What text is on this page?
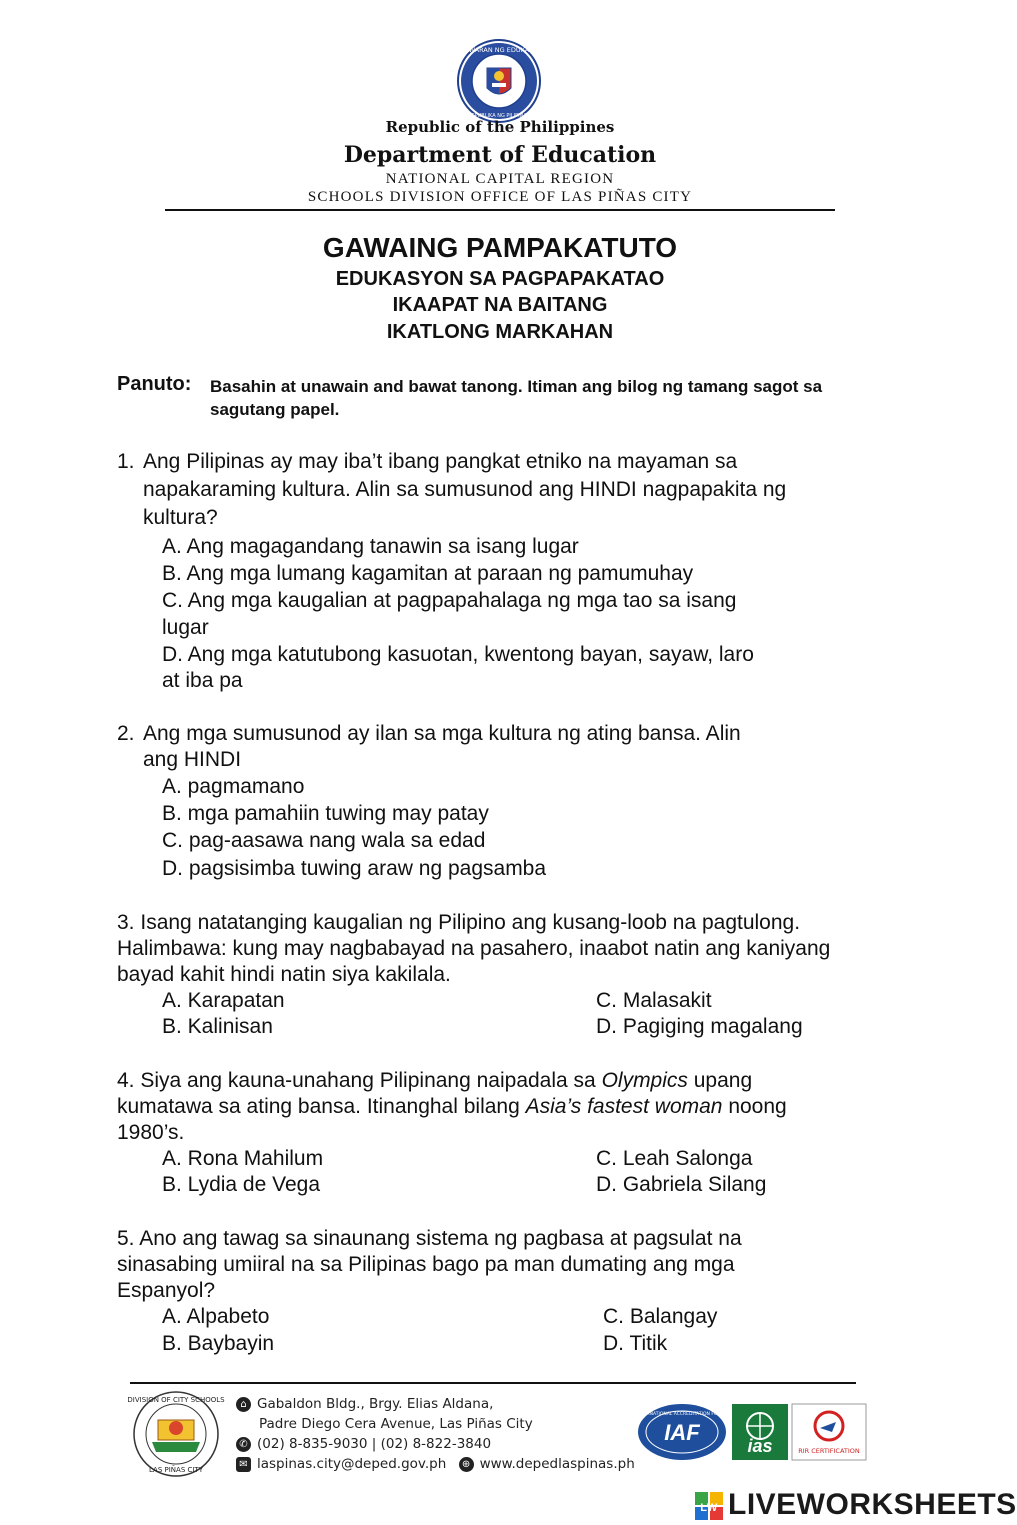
KAGAWARAN NG EDUKASYON
REPUBLIKA NG PILIPINAS
Republic of the Philippines
Department of Education
NATIONAL CAPITAL REGION
SCHOOLS DIVISION OFFICE OF LAS PIÑAS CITY
GAWAING PAMPAKATUTO
EDUKASYON SA PAGPAPAKATAO
IKAAPAT NA BAITANG
IKATLONG MARKAHAN
Panuto: Basahin at unawain and bawat tanong. Itiman ang bilog ng tamang sagot sa sagutang papel.
1. Ang Pilipinas ay may iba’t ibang pangkat etniko na mayaman sa
napakaraming kultura. Alin sa sumusunod ang HINDI nagpapakita ng
kultura?
A. Ang magagandang tanawin sa isang lugar
B. Ang mga lumang kagamitan at paraan ng pamumuhay
C. Ang mga kaugalian at pagpapahalaga ng mga tao sa isang
lugar
D. Ang mga katutubong kasuotan, kwentong bayan, sayaw, laro
at iba pa
2. Ang mga sumusunod ay ilan sa mga kultura ng ating bansa. Alin
ang HINDI
A. pagmamano
B. mga pamahiin tuwing may patay
C. pag-aasawa nang wala sa edad
D. pagsisimba tuwing araw ng pagsamba
3. Isang natatanging kaugalian ng Pilipino ang kusang-loob na pagtulong.
Halimbawa: kung may nagbabayad na pasahero, inaabot natin ang kaniyang
bayad kahit hindi natin siya kakilala.
A. Karapatan
B. Kalinisan
C. Malasakit
D. Pagiging magalang
4. Siya ang kauna-unahang Pilipinang naipadala sa Olympics upang
kumatawa sa ating bansa. Itinanghal bilang Asia’s fastest woman noong
1980’s.
A. Rona Mahilum
B. Lydia de Vega
C. Leah Salonga
D. Gabriela Silang
5. Ano ang tawag sa sinaunang sistema ng pagbasa at pagsulat na
sinasabing umiiral na sa Pilipinas bago pa man dumating ang mga
Espanyol?
A. Alpabeto
B. Baybayin
C. Balangay
D. Titik
DIVISION OF CITY SCHOOLS
LAS PIÑAS CITY
⌂ Gabaldon Bldg., Brgy. Elias Aldana,
Padre Diego Cera Avenue, Las Piñas City
✆ (02) 8-835-9030 | (02) 8-822-3840
✉ laspinas.city@deped.gov.ph ⊕ www.depedlaspinas.ph
IAF
INTERNATIONAL ACCREDITATION FORUM
ias	RIR CERTIFICATION
LW LIVEWORKSHEETS
